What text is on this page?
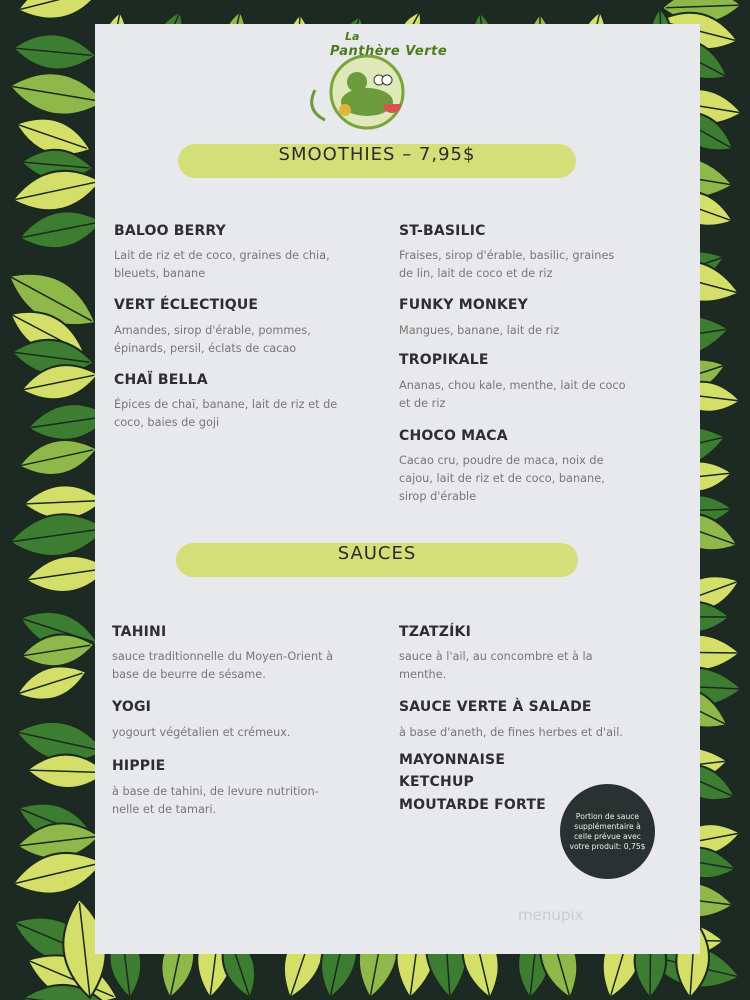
La
Panthère Verte
SMOOTHIES – 7,95$
BALOO BERRY
Lait de riz et de coco, graines de chia, bleuets, banane
VERT ÉCLECTIQUE
Amandes, sirop d'érable, pommes, épinards, persil, éclats de cacao
CHAÏ BELLA
Épices de chaï, banane, lait de riz et de coco, baies de goji
ST-BASILIC
Fraises, sirop d'érable, basilic, graines de lin, lait de coco et de riz
FUNKY MONKEY
Mangues, banane, lait de riz
TROPIKALE
Ananas, chou kale, menthe, lait de coco et de riz
CHOCO MACA
Cacao cru, poudre de maca, noix de cajou, lait de riz et de coco, banane, sirop d'érable
SAUCES
TAHINI
sauce traditionnelle du Moyen-Orient à base de beurre de sésame.
YOGI
yogourt végétalien et crémeux.
HIPPIE
à base de tahini, de levure nutrition-nelle et de tamari.
TZATZÍKI
sauce à l'ail, au concombre et à la menthe.
SAUCE VERTE À SALADE
à base d'aneth, de fines herbes et d'ail.
MAYONNAISE
KETCHUP
MOUTARDE FORTE
Portion de sauce supplémentaire à celle prévue avec votre produit: 0,75$
menupix
